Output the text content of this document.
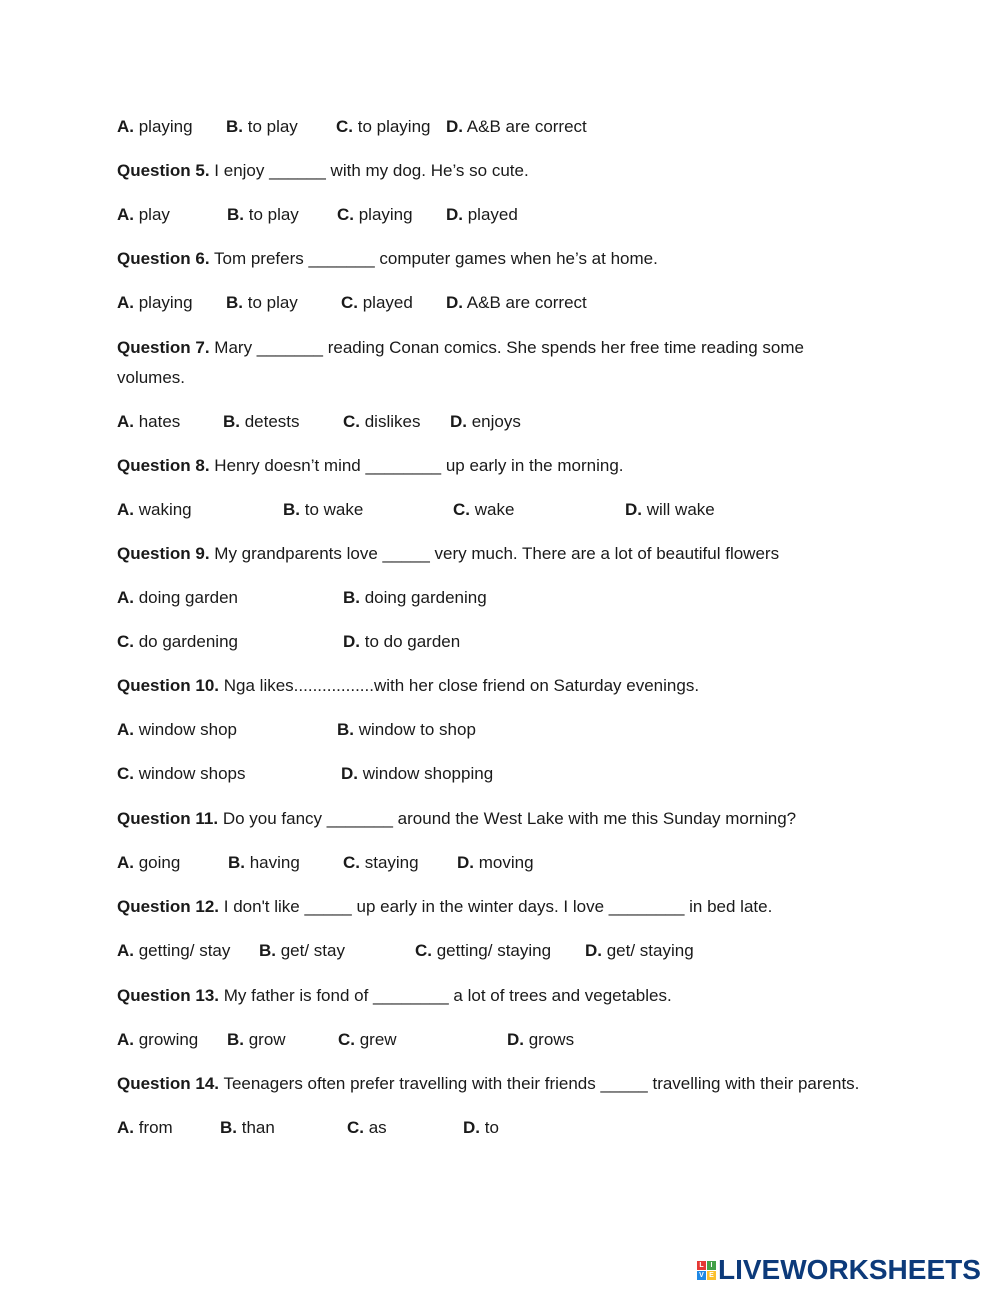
A. playing B. to play C. to playing D. A&B are correct
Question 5. I enjoy ______ with my dog. He’s so cute.
A. play	B. to play C. playing D. played
Question 6. Tom prefers _______ computer games when he’s at home.
A. playing B. to play	C. played D. A&B are correct
Question 7. Mary _______ reading Conan comics. She spends her free time reading some
volumes.
A. hates	B. detests	C. dislikes D. enjoys
Question 8. Henry doesn’t mind ________ up early in the morning.
A. waking	B. to wake	C. wake	D. will wake
Question 9. My grandparents love _____ very much. There are a lot of beautiful flowers
A. doing garden	B. doing gardening
C. do gardening	D. to do garden
Question 10. Nga likes.................with her close friend on Saturday evenings.
A. window shop	B. window to shop
C. window shops	D. window shopping
Question 11. Do you fancy _______ around the West Lake with me this Sunday morning?
A. going	B. having	C. staying D. moving
Question 12. I don't like _____ up early in the winter days. I love ________ in bed late.
A. getting/ stay B. get/ stay	C. getting/ staying D. get/ staying
Question 13. My father is fond of ________ a lot of trees and vegetables.
A. growing B. grow	C. grew	D. grows
Question 14. Teenagers often prefer travelling with their friends _____ travelling with their parents.
A. from	B. than	C. as	D. to
L I
V E LIVEWORKSHEETS
